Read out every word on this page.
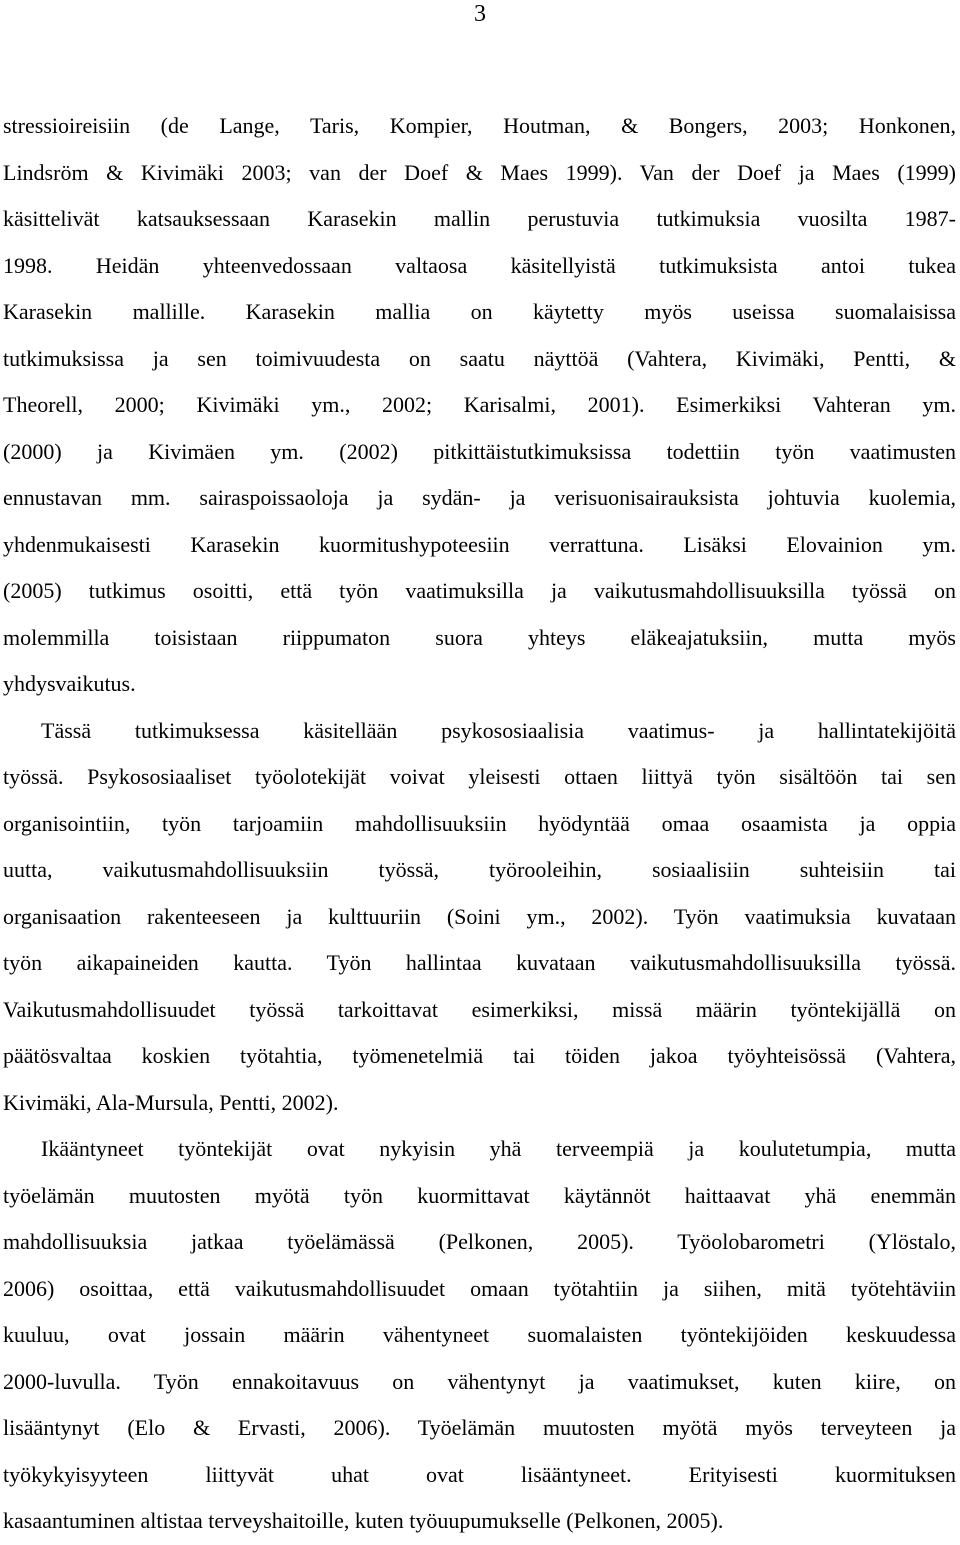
3
stressioireisiin (de Lange, Taris, Kompier, Houtman, & Bongers, 2003; Honkonen,
Lindsröm & Kivimäki 2003; van der Doef & Maes 1999). Van der Doef ja Maes (1999)
käsittelivät katsauksessaan Karasekin mallin perustuvia tutkimuksia vuosilta 1987-
1998. Heidän yhteenvedossaan valtaosa käsitellyistä tutkimuksista antoi tukea
Karasekin mallille. Karasekin mallia on käytetty myös useissa suomalaisissa
tutkimuksissa ja sen toimivuudesta on saatu näyttöä (Vahtera, Kivimäki, Pentti, &
Theorell, 2000; Kivimäki ym., 2002; Karisalmi, 2001). Esimerkiksi Vahteran ym.
(2000) ja Kivimäen ym. (2002) pitkittäistutkimuksissa todettiin työn vaatimusten
ennustavan mm. sairaspoissaoloja ja sydän- ja verisuonisairauksista johtuvia kuolemia,
yhdenmukaisesti Karasekin kuormitushypoteesiin verrattuna. Lisäksi Elovainion ym.
(2005) tutkimus osoitti, että työn vaatimuksilla ja vaikutusmahdollisuuksilla työssä on
molemmilla toisistaan riippumaton suora yhteys eläkeajatuksiin, mutta myös
yhdysvaikutus.
Tässä tutkimuksessa käsitellään psykososiaalisia vaatimus- ja hallintatekijöitä
työssä. Psykososiaaliset työolotekijät voivat yleisesti ottaen liittyä työn sisältöön tai sen
organisointiin, työn tarjoamiin mahdollisuuksiin hyödyntää omaa osaamista ja oppia
uutta, vaikutusmahdollisuuksiin työssä, työrooleihin, sosiaalisiin suhteisiin tai
organisaation rakenteeseen ja kulttuuriin (Soini ym., 2002). Työn vaatimuksia kuvataan
työn aikapaineiden kautta. Työn hallintaa kuvataan vaikutusmahdollisuuksilla työssä.
Vaikutusmahdollisuudet työssä tarkoittavat esimerkiksi, missä määrin työntekijällä on
päätösvaltaa koskien työtahtia, työmenetelmiä tai töiden jakoa työyhteisössä (Vahtera,
Kivimäki, Ala-Mursula, Pentti, 2002).
Ikääntyneet työntekijät ovat nykyisin yhä terveempiä ja koulutetumpia, mutta
työelämän muutosten myötä työn kuormittavat käytännöt haittaavat yhä enemmän
mahdollisuuksia jatkaa työelämässä (Pelkonen, 2005). Työolobarometri (Ylöstalo,
2006) osoittaa, että vaikutusmahdollisuudet omaan työtahtiin ja siihen, mitä työtehtäviin
kuuluu, ovat jossain määrin vähentyneet suomalaisten työntekijöiden keskuudessa
2000-luvulla. Työn ennakoitavuus on vähentynyt ja vaatimukset, kuten kiire, on
lisääntynyt (Elo & Ervasti, 2006). Työelämän muutosten myötä myös terveyteen ja
työkykyisyyteen liittyvät uhat ovat lisääntyneet. Erityisesti kuormituksen
kasaantuminen altistaa terveyshaitoille, kuten työuupumukselle (Pelkonen, 2005).
